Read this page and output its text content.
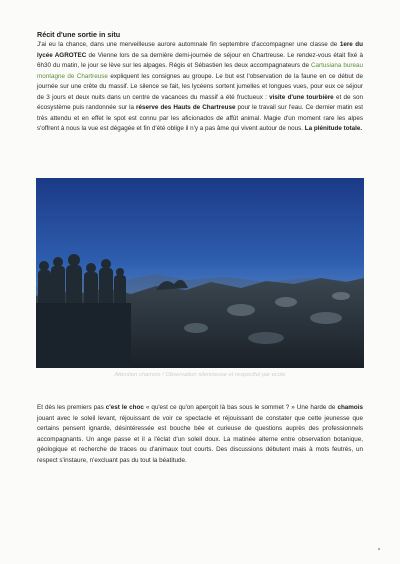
Récit d'une sortie in situ

J'ai eu la chance, dans une merveilleuse aurore automnale fin septembre d'accompagner une classe de 1ere du lycée AGROTEC de Vienne lors de sa dernière demi-journée de séjour en Chartreuse. Le rendez-vous était fixé à 6h30 du matin, le jour se lève sur les alpages. Régis et Sébastien les deux accompagnateurs de Cartusiana bureau montagne de Chartreuse expliquent les consignes au groupe. Le but est l'observation de la faune en ce début de journée sur une crête du massif. Le silence se fait, les lycéens sortent jumelles et longues vues, pour eux ce séjour de 3 jours et deux nuits dans un centre de vacances du massif a été fructueux : visite d'une tourbière et de son écosystème puis randonnée sur la réserve des Hauts de Chartreuse pour le travail sur l'eau. Ce dernier matin est très attendu et en effet le spot est connu par les aficionados de affût animal. Magie d'un moment rare les alpes s'offrent à nous la vue est dégagée et fin d'été oblige il n'y a pas âme qui vivent autour de nous. La plénitude totale.

Attention chamois ! Observation silencieuse et respectful par ecole

Et dès les premiers pas c'est le choc « qu'est ce qu'on aperçoit là bas sous le sommet ? » Une harde de chamois jouant avec le soleil levant, réjouissant de voir ce spectacle et réjouissant de constater que cette jeunesse que certains pensent ignarde, désintéressée est bouche bée et curieuse de questions auprès des professionnels accompagnants. Un ange passe et il a l'éclat d'un soleil doux. La matinée alterne entre observation botanique, géologique et recherche de traces ou d'animaux tout courts. Des discussions débutent mais à mots feutrés, un respect s'instaure, n'excluant pas du tout la béatitude.
